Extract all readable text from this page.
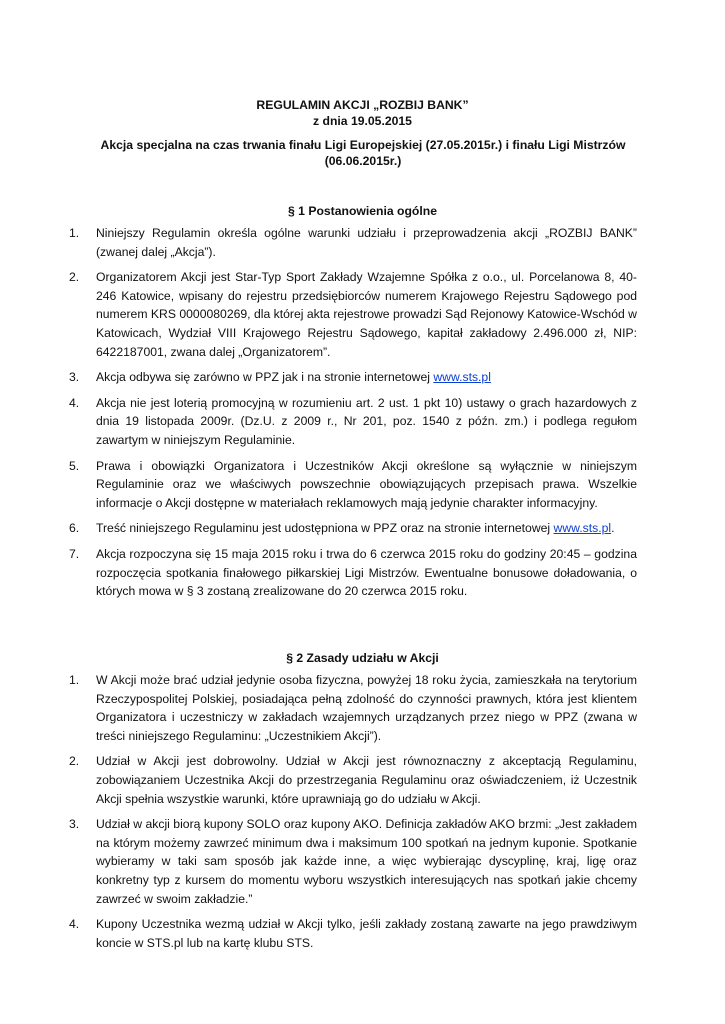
REGULAMIN AKCJI „ROZBIJ BANK”
z dnia 19.05.2015
Akcja specjalna na czas trwania finału Ligi Europejskiej (27.05.2015r.) i finału Ligi Mistrzów (06.06.2015r.)
§ 1 Postanowienia ogólne
1. Niniejszy Regulamin określa ogólne warunki udziału i przeprowadzenia akcji „ROZBIJ BANK” (zwanej dalej „Akcja”).
2. Organizatorem Akcji jest Star-Typ Sport Zakłady Wzajemne Spółka z o.o., ul. Porcelanowa 8, 40-246 Katowice, wpisany do rejestru przedsiębiorców numerem Krajowego Rejestru Sądowego pod numerem KRS 0000080269, dla której akta rejestrowe prowadzi Sąd Rejonowy Katowice-Wschód w Katowicach, Wydział VIII Krajowego Rejestru Sądowego, kapitał zakładowy 2.496.000 zł, NIP: 6422187001, zwana dalej „Organizatorem”.
3. Akcja odbywa się zarówno w PPZ jak i na stronie internetowej www.sts.pl
4. Akcja nie jest loterią promocyjną w rozumieniu art. 2 ust. 1 pkt 10) ustawy o grach hazardowych z dnia 19 listopada 2009r. (Dz.U. z 2009 r., Nr 201, poz. 1540 z późn. zm.) i podlega regułom zawartym w niniejszym Regulaminie.
5. Prawa i obowiązki Organizatora i Uczestników Akcji określone są wyłącznie w niniejszym Regulaminie oraz we właściwych powszechnie obowiązujących przepisach prawa. Wszelkie informacje o Akcji dostępne w materiałach reklamowych mają jedynie charakter informacyjny.
6. Treść niniejszego Regulaminu jest udostępniona w PPZ oraz na stronie internetowej www.sts.pl.
7. Akcja rozpoczyna się 15 maja 2015 roku i trwa do 6 czerwca 2015 roku do godziny 20:45 – godzina rozpoczęcia spotkania finałowego piłkarskiej Ligi Mistrzów. Ewentualne bonusowe doładowania, o których mowa w § 3 zostaną zrealizowane do 20 czerwca 2015 roku.
§ 2 Zasady udziału w Akcji
1. W Akcji może brać udział jedynie osoba fizyczna, powyżej 18 roku życia, zamieszkała na terytorium Rzeczypospolitej Polskiej, posiadająca pełną zdolność do czynności prawnych, która jest klientem Organizatora i uczestniczy w zakładach wzajemnych urządzanych przez niego w PPZ (zwana w treści niniejszego Regulaminu: „Uczestnikiem Akcji”).
2. Udział w Akcji jest dobrowolny. Udział w Akcji jest równoznaczny z akceptacją Regulaminu, zobowiązaniem Uczestnika Akcji do przestrzegania Regulaminu oraz oświadczeniem, iż Uczestnik Akcji spełnia wszystkie warunki, które uprawniają go do udziału w Akcji.
3. Udział w akcji biorą kupony SOLO oraz kupony AKO. Definicja zakładów AKO brzmi: „Jest zakładem na którym możemy zawrzeć minimum dwa i maksimum 100 spotkań na jednym kuponie. Spotkanie wybieramy w taki sam sposób jak każde inne, a więc wybierając dyscyplinę, kraj, ligę oraz konkretny typ z kursem do momentu wyboru wszystkich interesujących nas spotkań jakie chcemy zawrzeć w swoim zakładzie.”
4. Kupony Uczestnika wezmą udział w Akcji tylko, jeśli zakłady zostaną zawarte na jego prawdziwym koncie w STS.pl lub na kartę klubu STS.
